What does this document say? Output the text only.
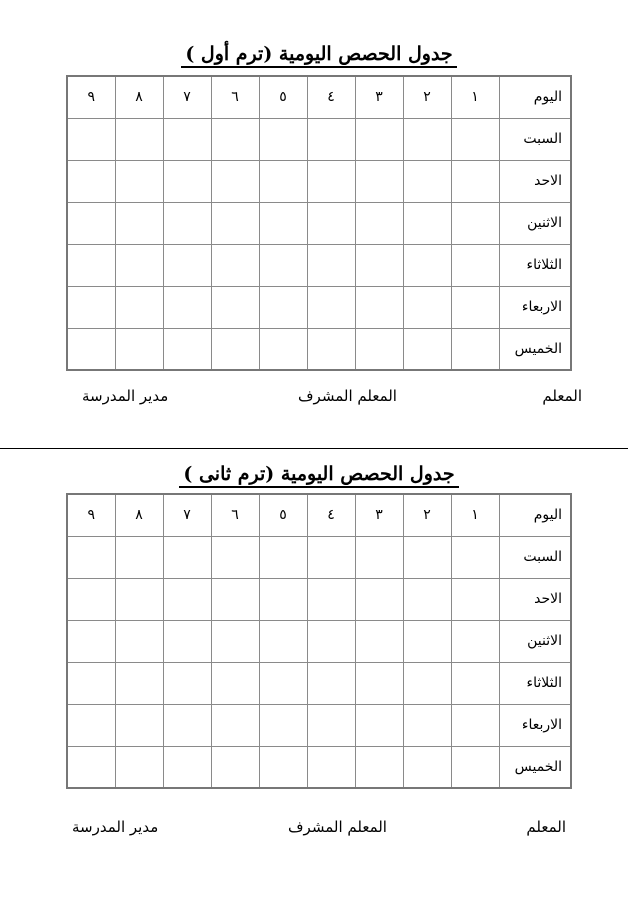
جدول الحصص اليومية (ترم أول )
اليوم	١	٢	٣	٤	٥	٦	٧	٨	٩
السبت									
الاحد									
الاثنين									
الثلاثاء									
الاربعاء									
الخميس									
المعلم
المعلم المشرف
مدير المدرسة
جدول الحصص اليومية (ترم ثانى )
اليوم	١	٢	٣	٤	٥	٦	٧	٨	٩
السبت									
الاحد									
الاثنين									
الثلاثاء									
الاربعاء									
الخميس									
المعلم
المعلم المشرف
مدير المدرسة
